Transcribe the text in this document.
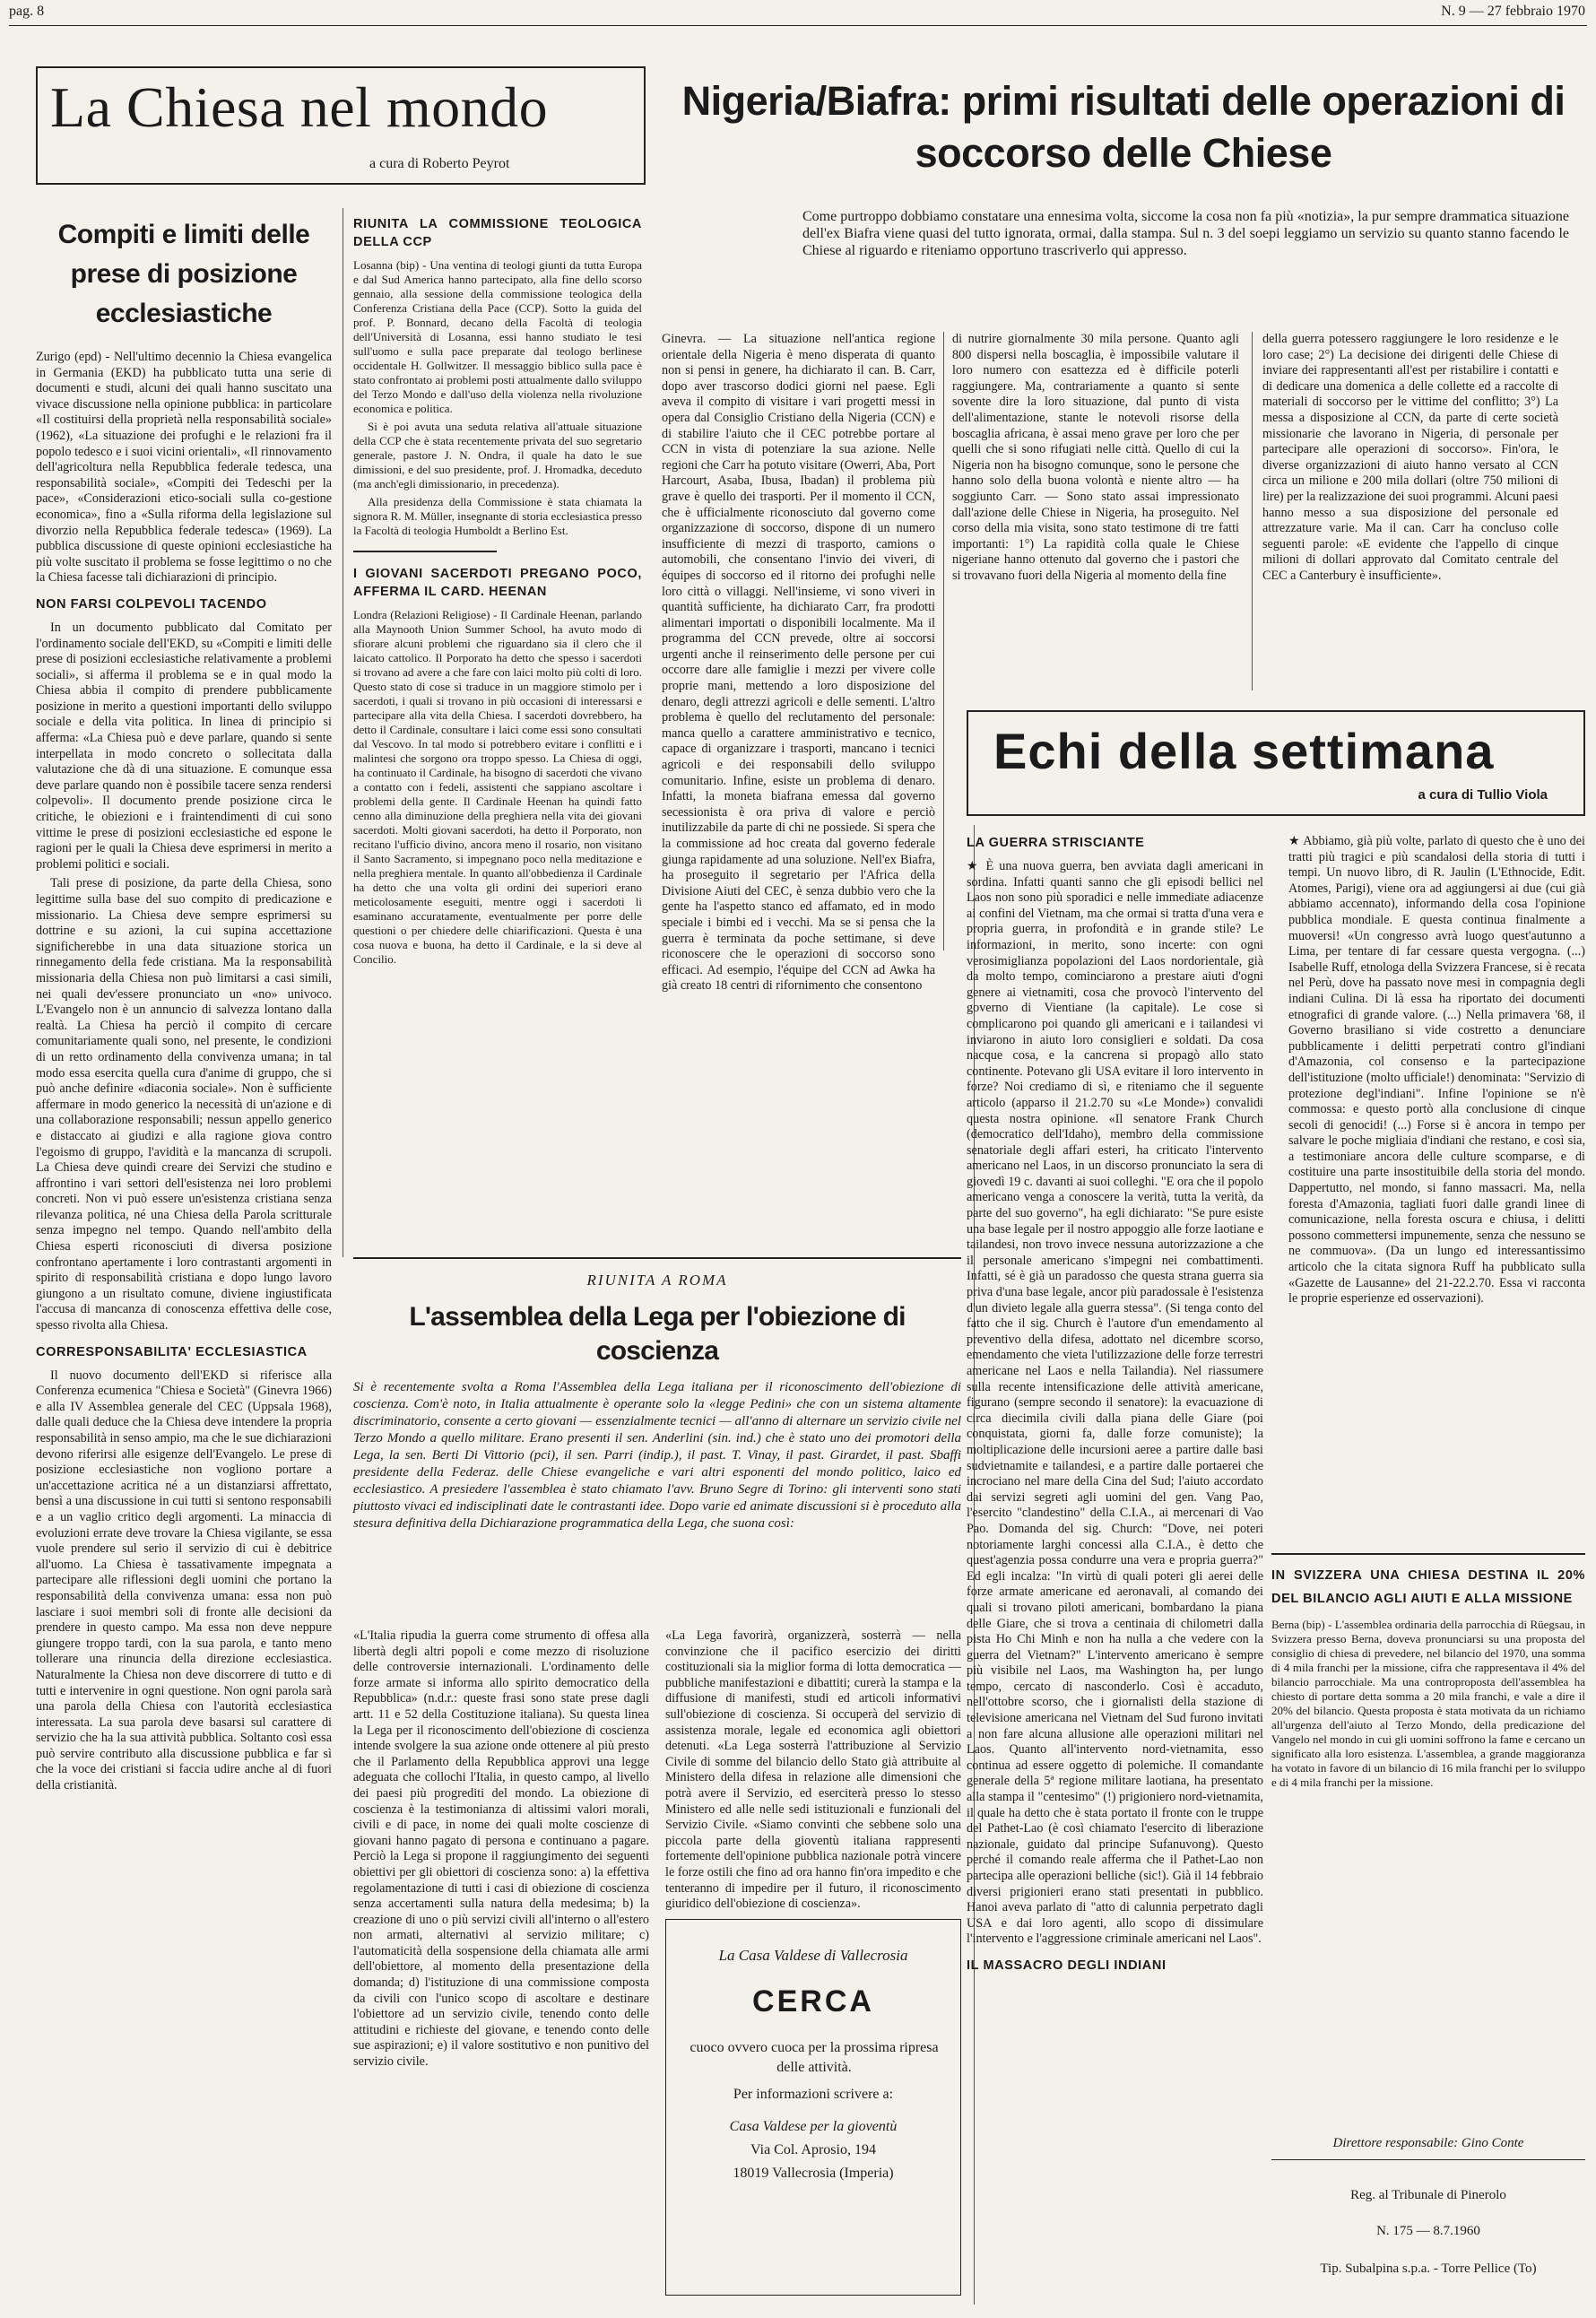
pag. 8	N. 9 — 27 febbraio 1970
La Chiesa nel mondo
a cura di Roberto Peyrot
Compiti e limiti delle prese di posizione ecclesiastiche

Zurigo (epd) - Nell'ultimo decennio la Chiesa evangelica in Germania (EKD) ha pubblicato tutta una serie di documenti e studi, alcuni dei quali hanno suscitato una vivace discussione nella opinione pubblica: in particolare «Il costituirsi della proprietà nella responsabilità sociale» (1962), «La situazione dei profughi e le relazioni fra il popolo tedesco e i suoi vicini orientali», «Il rinnovamento dell'agricoltura nella Repubblica federale tedesca, una responsabilità sociale», «Compiti dei Tedeschi per la pace», «Considerazioni etico-sociali sulla co-gestione economica», fino a «Sulla riforma della legislazione sul divorzio nella Repubblica federale tedesca» (1969). La pubblica discussione di queste opinioni ecclesiastiche ha più volte suscitato il problema se fosse legittimo o no che la Chiesa facesse tali dichiarazioni di principio.

NON FARSI COLPEVOLI TACENDO

In un documento pubblicato dal Comitato per l'ordinamento sociale dell'EKD, su «Compiti e limiti delle prese di posizioni ecclesiastiche relativamente a problemi sociali», si afferma il problema se e in qual modo la Chiesa abbia il compito di prendere pubblicamente posizione in merito a questioni importanti dello sviluppo sociale e della vita politica. In linea di principio si afferma: «La Chiesa può e deve parlare, quando si sente interpellata in modo concreto o sollecitata dalla valutazione che dà di una situazione. E comunque essa deve parlare quando non è possibile tacere senza rendersi colpevoli». Il documento prende posizione circa le critiche, le obiezioni e i fraintendimenti di cui sono vittime le prese di posizioni ecclesiastiche ed espone le ragioni per le quali la Chiesa deve esprimersi in merito a problemi politici e sociali.

Tali prese di posizione, da parte della Chiesa, sono legittime sulla base del suo compito di predicazione e missionario. La Chiesa deve sempre esprimersi su dottrine e su azioni, la cui supina accettazione significherebbe in una data situazione storica un rinnegamento della fede cristiana. Ma la responsabilità missionaria della Chiesa non può limitarsi a casi simili, nei quali dev'essere pronunciato un «no» univoco. L'Evangelo non è un annuncio di salvezza lontano dalla realtà. La Chiesa ha perciò il compito di cercare comunitariamente quali sono, nel presente, le condizioni di un retto ordinamento della convivenza umana; in tal modo essa esercita quella cura d'anime di gruppo, che si può anche definire «diaconia sociale». Non è sufficiente affermare in modo generico la necessità di un'azione e di una collaborazione responsabili; nessun appello generico e distaccato ai giudizi e alla ragione giova contro l'egoismo di gruppo, l'avidità e la mancanza di scrupoli. La Chiesa deve quindi creare dei Servizi che studino e affrontino i vari settori dell'esistenza nei loro problemi concreti. Non vi può essere un'esistenza cristiana senza rilevanza politica, né una Chiesa della Parola scritturale senza impegno nel tempo. Quando nell'ambito della Chiesa esperti riconosciuti di diversa posizione confrontano apertamente i loro contrastanti argomenti in spirito di responsabilità cristiana e dopo lungo lavoro giungono a un risultato comune, diviene ingiustificata l'accusa di mancanza di conoscenza effettiva delle cose, spesso rivolta alla Chiesa.

CORRESPONSABILITA' ECCLESIASTICA

Il nuovo documento dell'EKD si riferisce alla Conferenza ecumenica "Chiesa e Società" (Ginevra 1966) e alla IV Assemblea generale del CEC (Uppsala 1968), dalle quali deduce che la Chiesa deve intendere la propria responsabilità in senso ampio, ma che le sue dichiarazioni devono riferirsi alle esigenze dell'Evangelo. Le prese di posizione ecclesiastiche non vogliono portare a un'accettazione acritica né a un distanziarsi affrettato, bensì a una discussione in cui tutti si sentono responsabili e a un vaglio critico degli argomenti. La minaccia di evoluzioni errate deve trovare la Chiesa vigilante, se essa vuole prendere sul serio il servizio di cui è debitrice all'uomo. La Chiesa è tassativamente impegnata a partecipare alle riflessioni degli uomini che portano la responsabilità della convivenza umana: essa non può lasciare i suoi membri soli di fronte alle decisioni da prendere in questo campo. Ma essa non deve neppure giungere troppo tardi, con la sua parola, e tanto meno tollerare una rinuncia della direzione ecclesiastica. Naturalmente la Chiesa non deve discorrere di tutto e di tutti e intervenire in ogni questione. Non ogni parola sarà una parola della Chiesa con l'autorità ecclesiastica interessata. La sua parola deve basarsi sul carattere di servizio che ha la sua attività pubblica. Soltanto così essa può servire contributo alla discussione pubblica e far sì che la voce dei cristiani si faccia udire anche al di fuori della cristianità.

RIUNITA LA COMMISSIONE TEOLOGICA DELLA CCP

Losanna (bip) - Una ventina di teologi giunti da tutta Europa e dal Sud America hanno partecipato, alla fine dello scorso gennaio, alla sessione della commissione teologica della Conferenza Cristiana della Pace (CCP). Sotto la guida del prof. P. Bonnard, decano della Facoltà di teologia dell'Università di Losanna, essi hanno studiato le tesi sull'uomo e sulla pace preparate dal teologo berlinese occidentale H. Gollwitzer. Il messaggio biblico sulla pace è stato confrontato ai problemi posti attualmente dallo sviluppo del Terzo Mondo e dall'uso della violenza nella rivoluzione economica e politica.

Si è poi avuta una seduta relativa all'attuale situazione della CCP che è stata recentemente privata del suo segretario generale, pastore J. N. Ondra, il quale ha dato le sue dimissioni, e del suo presidente, prof. J. Hromadka, deceduto (ma anch'egli dimissionario, in precedenza).

Alla presidenza della Commissione è stata chiamata la signora R. M. Müller, insegnante di storia ecclesiastica presso la Facoltà di teologia Humboldt a Berlino Est.

I GIOVANI SACERDOTI PREGANO POCO, AFFERMA IL CARD. HEENAN

Londra (Relazioni Religiose) - Il Cardinale Heenan, parlando alla Maynooth Union Summer School, ha avuto modo di sfiorare alcuni problemi che riguardano sia il clero che il laicato cattolico. Il Porporato ha detto che spesso i sacerdoti si trovano ad avere a che fare con laici molto più colti di loro. Questo stato di cose si traduce in un maggiore stimolo per i sacerdoti, i quali si trovano in più occasioni di interessarsi e partecipare alla vita della Chiesa. I sacerdoti dovrebbero, ha detto il Cardinale, consultare i laici come essi sono consultati dal Vescovo. In tal modo si potrebbero evitare i conflitti e i malintesi che sorgono ora troppo spesso. La Chiesa di oggi, ha continuato il Cardinale, ha bisogno di sacerdoti che vivano a contatto con i fedeli, assistenti che sappiano ascoltare i problemi della gente. Il Cardinale Heenan ha quindi fatto cenno alla diminuzione della preghiera nella vita dei giovani sacerdoti. Molti giovani sacerdoti, ha detto il Porporato, non recitano l'ufficio divino, ancora meno il rosario, non visitano il Santo Sacramento, si impegnano poco nella meditazione e nella preghiera mentale. In quanto all'obbedienza il Cardinale ha detto che una volta gli ordini dei superiori erano meticolosamente eseguiti, mentre oggi i sacerdoti li esaminano accuratamente, eventualmente per porre delle questioni o per chiedere delle chiarificazioni. Questa è una cosa nuova e buona, ha detto il Cardinale, e la si deve al Concilio.

Nigeria/Biafra: primi risultati delle operazioni di soccorso delle Chiese
Come purtroppo dobbiamo constatare una ennesima volta, siccome la cosa non fa più «notizia», la pur sempre drammatica situazione dell'ex Biafra viene quasi del tutto ignorata, ormai, dalla stampa. Sul n. 3 del soepi leggiamo un servizio su quanto stanno facendo le Chiese al riguardo e riteniamo opportuno trascriverlo qui appresso.
Ginevra. — La situazione nell'antica regione orientale della Nigeria è meno disperata di quanto non si pensi in genere, ha dichiarato il can. B. Carr, dopo aver trascorso dodici giorni nel paese. Egli aveva il compito di visitare i vari progetti messi in opera dal Consiglio Cristiano della Nigeria (CCN) e di stabilire l'aiuto che il CEC potrebbe portare al CCN in vista di potenziare la sua azione. Nelle regioni che Carr ha potuto visitare (Owerri, Aba, Port Harcourt, Asaba, Ibusa, Ibadan) il problema più grave è quello dei trasporti. Per il momento il CCN, che è ufficialmente riconosciuto dal governo come organizzazione di soccorso, dispone di un numero insufficiente di mezzi di trasporto, camions o automobili, che consentano l'invio dei viveri, di équipes di soccorso ed il ritorno dei profughi nelle loro città o villaggi. Nell'insieme, vi sono viveri in quantità sufficiente, ha dichiarato Carr, fra prodotti alimentari importati o disponibili localmente. Ma il programma del CCN prevede, oltre ai soccorsi urgenti anche il reinserimento delle persone per cui occorre dare alle famiglie i mezzi per vivere colle proprie mani, mettendo a loro disposizione del denaro, degli attrezzi agricoli e delle sementi. L'altro problema è quello del reclutamento del personale: manca quello a carattere amministrativo e tecnico, capace di organizzare i trasporti, mancano i tecnici agricoli e dei responsabili dello sviluppo comunitario. Infine, esiste un problema di denaro. Infatti, la moneta biafrana emessa dal governo secessionista è ora priva di valore e perciò inutilizzabile da parte di chi ne possiede. Si spera che la commissione ad hoc creata dal governo federale giunga rapidamente ad una soluzione. Nell'ex Biafra, ha proseguito il segretario per l'Africa della Divisione Aiuti del CEC, è senza dubbio vero che la gente ha l'aspetto stanco ed affamato, ed in modo speciale i bimbi ed i vecchi. Ma se si pensa che la guerra è terminata da poche settimane, si deve riconoscere che le operazioni di soccorso sono efficaci. Ad esempio, l'équipe del CCN ad Awka ha già creato 18 centri di rifornimento che consentono
di nutrire giornalmente 30 mila persone. Quanto agli 800 dispersi nella boscaglia, è impossibile valutare il loro numero con esattezza ed è difficile poterli raggiungere. Ma, contrariamente a quanto si sente sovente dire la loro situazione, dal punto di vista dell'alimentazione, stante le notevoli risorse della boscaglia africana, è assai meno grave per loro che per quelli che si sono rifugiati nelle città. Quello di cui la Nigeria non ha bisogno comunque, sono le persone che hanno solo della buona volontà e niente altro — ha soggiunto Carr. — Sono stato assai impressionato dall'azione delle Chiese in Nigeria, ha proseguito. Nel corso della mia visita, sono stato testimone di tre fatti importanti: 1°) La rapidità colla quale le Chiese nigeriane hanno ottenuto dal governo che i pastori che si trovavano fuori della Nigeria al momento della fine
della guerra potessero raggiungere le loro residenze e le loro case; 2°) La decisione dei dirigenti delle Chiese di inviare dei rappresentanti all'est per ristabilire i contatti e di dedicare una domenica a delle collette ed a raccolte di materiali di soccorso per le vittime del conflitto; 3°) La messa a disposizione al CCN, da parte di certe società missionarie che lavorano in Nigeria, di personale per partecipare alle operazioni di soccorso». Fin'ora, le diverse organizzazioni di aiuto hanno versato al CCN circa un milione e 200 mila dollari (oltre 750 milioni di lire) per la realizzazione dei suoi programmi. Alcuni paesi hanno messo a sua disposizione del personale ed attrezzature varie. Ma il can. Carr ha concluso colle seguenti parole: «E evidente che l'appello di cinque milioni di dollari approvato dal Comitato centrale del CEC a Canterbury è insufficiente».
RIUNITA A ROMA
L'assemblea della Lega per l'obiezione di coscienza
Si è recentemente svolta a Roma l'Assemblea della Lega italiana per il riconoscimento dell'obiezione di coscienza. Com'è noto, in Italia attualmente è operante solo la «legge Pedini» che con un sistema altamente discriminatorio, consente a certo giovani — essenzialmente tecnici — all'anno di alternare un servizio civile nel Terzo Mondo a quello militare. Erano presenti il sen. Anderlini (sin. ind.) che è stato uno dei promotori della Lega, la sen. Berti Di Vittorio (pci), il sen. Parri (indip.), il past. T. Vinay, il past. Girardet, il past. Sbaffi presidente della Federaz. delle Chiese evangeliche e vari altri esponenti del mondo politico, laico ed ecclesiastico. A presiedere l'assemblea è stato chiamato l'avv. Bruno Segre di Torino: gli interventi sono stati piuttosto vivaci ed indisciplinati date le contrastanti idee. Dopo varie ed animate discussioni si è proceduto alla stesura definitiva della Dichiarazione programmatica della Lega, che suona così:
«L'Italia ripudia la guerra come strumento di offesa alla libertà degli altri popoli e come mezzo di risoluzione delle controversie internazionali. L'ordinamento delle forze armate si informa allo spirito democratico della Repubblica» (n.d.r.: queste frasi sono state prese dagli artt. 11 e 52 della Costituzione italiana). Su questa linea la Lega per il riconoscimento dell'obiezione di coscienza intende svolgere la sua azione onde ottenere al più presto che il Parlamento della Repubblica approvi una legge adeguata che collochi l'Italia, in questo campo, al livello dei paesi più progrediti del mondo. La obiezione di coscienza è la testimonianza di altissimi valori morali, civili e di pace, in nome dei quali molte coscienze di giovani hanno pagato di persona e continuano a pagare. Perciò la Lega si propone il raggiungimento dei seguenti obiettivi per gli obiettori di coscienza sono: a) la effettiva regolamentazione di tutti i casi di obiezione di coscienza senza accertamenti sulla natura della medesima; b) la creazione di uno o più servizi civili all'interno o all'estero non armati, alternativi al servizio militare; c) l'automaticità della sospensione della chiamata alle armi dell'obiettore, al momento della presentazione della domanda; d) l'istituzione di una commissione composta da civili con l'unico scopo di ascoltare e destinare l'obiettore ad un servizio civile, tenendo conto delle attitudini e richieste del giovane, e tenendo conto delle sue aspirazioni; e) il valore sostitutivo e non punitivo del servizio civile.
«La Lega favorirà, organizzerà, sosterrà — nella convinzione che il pacifico esercizio dei diritti costituzionali sia la miglior forma di lotta democratica — pubbliche manifestazioni e dibattiti; curerà la stampa e la diffusione di manifesti, studi ed articoli informativi sull'obiezione di coscienza. Si occuperà del servizio di assistenza morale, legale ed economica agli obiettori detenuti. «La Lega sosterrà l'attribuzione al Servizio Civile di somme del bilancio dello Stato già attribuite al Ministero della difesa in relazione alle dimensioni che potrà avere il Servizio, ed eserciterà presso lo stesso Ministero ed alle nelle sedi istituzionali e funzionali del Servizio Civile. «Siamo convinti che sebbene solo una piccola parte della gioventù italiana rappresenti fortemente dell'opinione pubblica nazionale potrà vincere le forze ostili che fino ad ora hanno fin'ora impedito e che tenteranno di impedire per il futuro, il riconoscimento giuridico dell'obiezione di coscienza».
La Casa Valdese di Vallecrosia
CERCA
cuoco ovvero cuoca per la prossima ripresa delle attività.
Per informazioni scrivere a:
Casa Valdese per la gioventù
Via Col. Aprosio, 194
18019 Vallecrosia (Imperia)
Echi della settimana
a cura di Tullio Viola
LA GUERRA STRISCIANTE

★ È una nuova guerra, ben avviata dagli americani in sordina. Infatti quanti sanno che gli episodi bellici nel Laos non sono più sporadici e nelle immediate adiacenze ai confini del Vietnam, ma che ormai si tratta d'una vera e propria guerra, in profondità e in grande stile? Le informazioni, in merito, sono incerte: con ogni verosimiglianza popolazioni del Laos nordorientale, già da molto tempo, cominciarono a prestare aiuti d'ogni genere ai vietnamiti, cosa che provocò l'intervento del governo di Vientiane (la capitale). Le cose si complicarono poi quando gli americani e i tailandesi vi inviarono in aiuto loro consiglieri e soldati. Da cosa nacque cosa, e la cancrena si propagò allo stato continente. Potevano gli USA evitare il loro intervento in forze? Noi crediamo di sì, e riteniamo che il seguente articolo (apparso il 21.2.70 su «Le Monde») convalidi questa nostra opinione. «Il senatore Frank Church (democratico dell'Idaho), membro della commissione senatoriale degli affari esteri, ha criticato l'intervento americano nel Laos, in un discorso pronunciato la sera di giovedì 19 c. davanti ai suoi colleghi. "E ora che il popolo americano venga a conoscere la verità, tutta la verità, da parte del suo governo", ha egli dichiarato: "Se pure esiste una base legale per il nostro appoggio alle forze laotiane e tailandesi, non trovo invece nessuna autorizzazione a che il personale americano s'impegni nei combattimenti. Infatti, sé è già un paradosso che questa strana guerra sia priva d'una base legale, ancor più paradossale è l'esistenza d'un divieto legale alla guerra stessa". (Si tenga conto del fatto che il sig. Church è l'autore d'un emendamento al preventivo della difesa, adottato nel dicembre scorso, emendamento che vieta l'utilizzazione delle forze terrestri americane nel Laos e nella Tailandia). Nel riassumere sulla recente intensificazione delle attività americane, figurano (sempre secondo il senatore): la evacuazione di circa diecimila civili dalla piana delle Giare (poi conquistata, giorni fa, dalle forze comuniste); la moltiplicazione delle incursioni aeree a partire dalle basi sudvietnamite e tailandesi, e a partire dalle portaerei che incrociano nel mare della Cina del Sud; l'aiuto accordato dai servizi segreti agli uomini del gen. Vang Pao, l'esercito "clandestino" della C.I.A., ai mercenari di Vao Pao. Domanda del sig. Church: "Dove, nei poteri notoriamente larghi concessi alla C.I.A., è detto che quest'agenzia possa condurre una vera e propria guerra?" Ed egli incalza: "In virtù di quali poteri gli aerei delle forze armate americane ed aeronavali, al comando dei quali si trovano piloti americani, bombardano la piana delle Giare, che si trova a centinaia di chilometri dalla pista Ho Chi Minh e non ha nulla a che vedere con la guerra del Vietnam?" L'intervento americano è sempre più visibile nel Laos, ma Washington ha, per lungo tempo, cercato di nasconderlo. Così è accaduto, nell'ottobre scorso, che i giornalisti della stazione di televisione americana nel Vietnam del Sud furono invitati a non fare alcuna allusione alle operazioni militari nel Laos. Quanto all'intervento nord-vietnamita, esso continua ad essere oggetto di polemiche. Il comandante generale della 5ª regione militare laotiana, ha presentato alla stampa il "centesimo" (!) prigioniero nord-vietnamita, il quale ha detto che è stata portato il fronte con le truppe del Pathet-Lao (è così chiamato l'esercito di liberazione nazionale, guidato dal principe Sufanuvong). Questo perché il comando reale afferma che il Pathet-Lao non partecipa alle operazioni belliche (sic!). Già il 14 febbraio diversi prigionieri erano stati presentati in pubblico. Hanoi aveva parlato di "atto di calunnia perpetrato dagli USA e dai loro agenti, allo scopo di dissimulare l'intervento e l'aggressione criminale americani nel Laos".

IL MASSACRO DEGLI INDIANI

★ Abbiamo, già più volte, parlato di questo che è uno dei tratti più tragici e più scandalosi della storia di tutti i tempi. Un nuovo libro, di R. Jaulin (L'Ethnocide, Edit. Atomes, Parigi), viene ora ad aggiungersi ai due (cui già abbiamo accennato), informando della cosa l'opinione pubblica mondiale. E questa continua finalmente a muoversi! «Un congresso avrà luogo quest'autunno a Lima, per tentare di far cessare questa vergogna. (...) Isabelle Ruff, etnologa della Svizzera Francese, si è recata nel Perù, dove ha passato nove mesi in compagnia degli indiani Culina. Di là essa ha riportato dei documenti etnografici di grande valore. (...) Nella primavera '68, il Governo brasiliano si vide costretto a denunciare pubblicamente i delitti perpetrati contro gl'indiani d'Amazonia, col consenso e la partecipazione dell'istituzione (molto ufficiale!) denominata: "Servizio di protezione degl'indiani". Infine l'opinione se n'è commossa: e questo portò alla conclusione di cinque secoli di genocidi! (...) Forse si è ancora in tempo per salvare le poche migliaia d'indiani che restano, e così sia, a testimoniare ancora delle culture scomparse, e di costituire una parte insostituibile della storia del mondo. Dappertutto, nel mondo, si fanno massacri. Ma, nella foresta d'Amazonia, tagliati fuori dalle grandi linee di comunicazione, nella foresta oscura e chiusa, i delitti possono commettersi impunemente, senza che nessuno se ne commuova». (Da un lungo ed interessantissimo articolo che la citata signora Ruff ha pubblicato sulla «Gazette de Lausanne» del 21-22.2.70. Essa vi racconta le proprie esperienze ed osservazioni).

IN SVIZZERA UNA CHIESA DESTINA IL 20% DEL BILANCIO AGLI AIUTI E ALLA MISSIONE

Berna (bip) - L'assemblea ordinaria della parrocchia di Rüegsau, in Svizzera presso Berna, doveva pronunciarsi su una proposta del consiglio di chiesa di prevedere, nel bilancio del 1970, una somma di 4 mila franchi per la missione, cifra che rappresentava il 4% del bilancio parrocchiale. Ma una controproposta dell'assemblea ha chiesto di portare detta somma a 20 mila franchi, e vale a dire il 20% del bilancio. Questa proposta è stata motivata da un richiamo all'urgenza dell'aiuto al Terzo Mondo, della predicazione del Vangelo nel mondo in cui gli uomini soffrono la fame e cercano un significato alla loro esistenza. L'assemblea, a grande maggioranza ha votato in favore di un bilancio di 16 mila franchi per lo sviluppo e di 4 mila franchi per la missione.

Direttore responsabile: Gino Conte
Reg. al Tribunale di Pinerolo
N. 175 — 8.7.1960
Tip. Subalpina s.p.a. - Torre Pellice (To)
